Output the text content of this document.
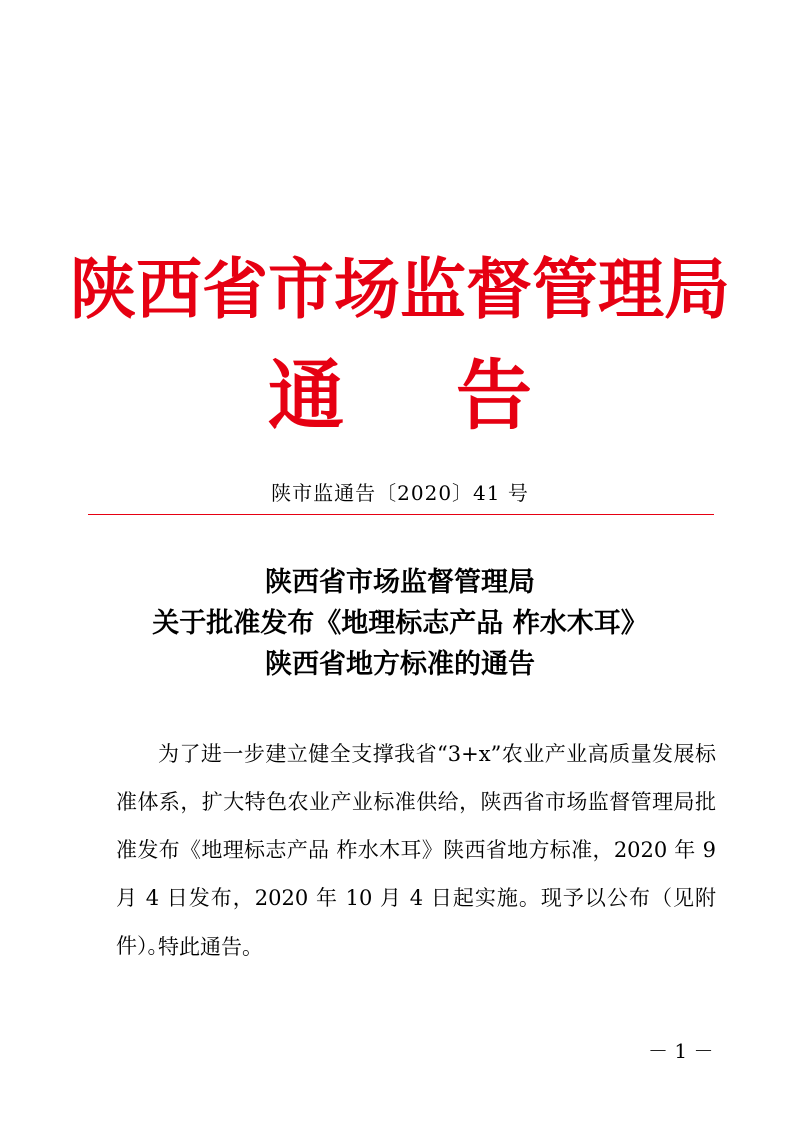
陕西省市场监督管理局
通告
陕市监通告〔2020〕41 号
陕西省市场监督管理局
关于批准发布《地理标志产品 柞水木耳》
陕西省地方标准的通告

为了进一步建立健全支撑我省“3+x”农业产业高质量发展标准体系，扩大特色农业产业标准供给，陕西省市场监督管理局批准发布《地理标志产品 柞水木耳》陕西省地方标准，2020 年 9 月 4 日发布，2020 年 10 月 4 日起实施。现予以公布（见附件）。

特此通告。
－ 1 －
